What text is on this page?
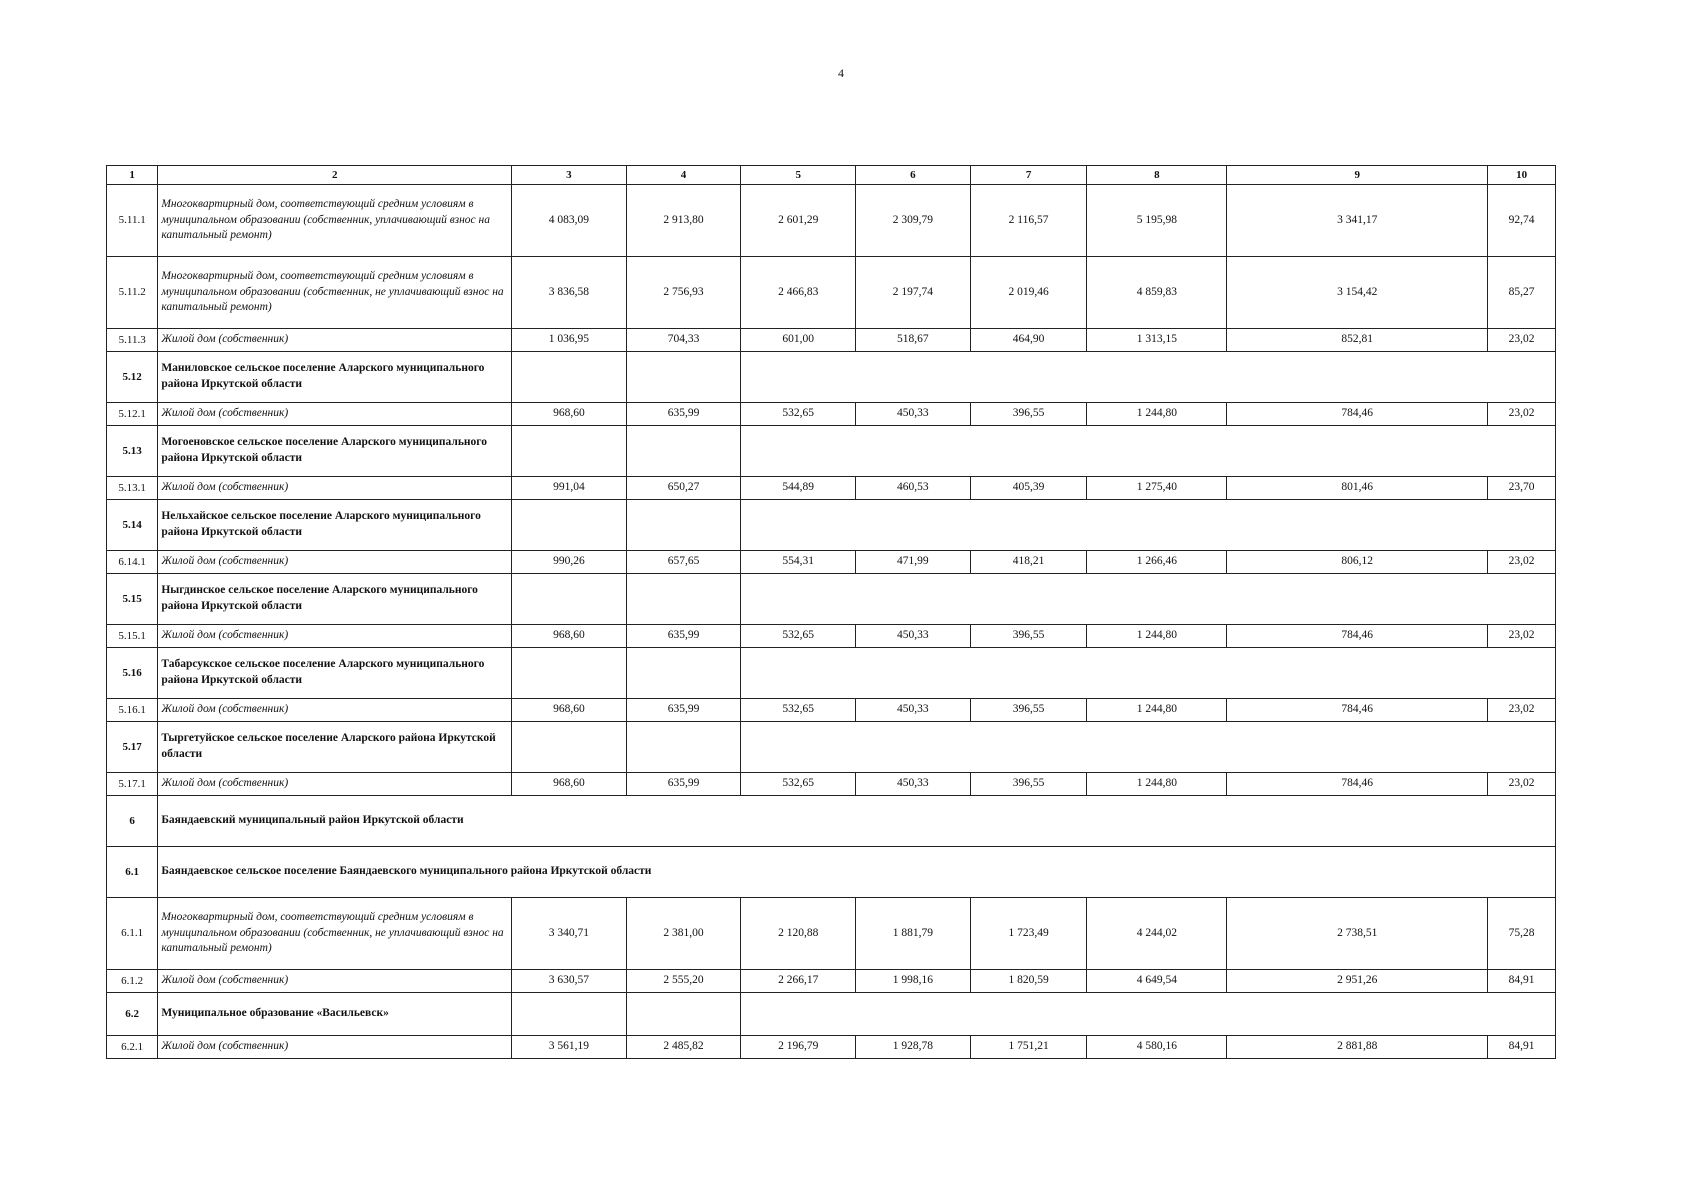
4
1	2	3	4	5	6	7	8	9	10
5.11.1	Многоквартирный дом, соответствующий средним условиям в муниципальном образовании (собственник, уплачивающий взнос на капитальный ремонт)	4 083,09	2 913,80	2 601,29	2 309,79	2 116,57	5 195,98	3 341,17	92,74
5.11.2	Многоквартирный дом, соответствующий средним условиям в муниципальном образовании (собственник, не уплачивающий взнос на капитальный ремонт)	3 836,58	2 756,93	2 466,83	2 197,74	2 019,46	4 859,83	3 154,42	85,27
5.11.3	Жилой дом (собственник)	1 036,95	704,33	601,00	518,67	464,90	1 313,15	852,81	23,02
5.12	Маниловское сельское поселение Аларского муниципального района Иркутской области								
5.12.1	Жилой дом (собственник)	968,60	635,99	532,65	450,33	396,55	1 244,80	784,46	23,02
5.13	Могоеновское сельское поселение Аларского муниципального района Иркутской области								
5.13.1	Жилой дом (собственник)	991,04	650,27	544,89	460,53	405,39	1 275,40	801,46	23,70
5.14	Нельхайское сельское поселение Аларского муниципального района Иркутской области								
6.14.1	Жилой дом (собственник)	990,26	657,65	554,31	471,99	418,21	1 266,46	806,12	23,02
5.15	Ныгдинское сельское поселение Аларского муниципального района Иркутской области								
5.15.1	Жилой дом (собственник)	968,60	635,99	532,65	450,33	396,55	1 244,80	784,46	23,02
5.16	Табарсукское сельское поселение Аларского муниципального района Иркутской области								
5.16.1	Жилой дом (собственник)	968,60	635,99	532,65	450,33	396,55	1 244,80	784,46	23,02
5.17	Тыргетуйское сельское поселение Аларского района Иркутской области								
5.17.1	Жилой дом (собственник)	968,60	635,99	532,65	450,33	396,55	1 244,80	784,46	23,02
6	Баяндаевский муниципальный район Иркутской области								
6.1	Баяндаевское сельское поселение Баяндаевского муниципального района Иркутской области								
6.1.1	Многоквартирный дом, соответствующий средним условиям в муниципальном образовании (собственник, не уплачивающий взнос на капитальный ремонт)	3 340,71	2 381,00	2 120,88	1 881,79	1 723,49	4 244,02	2 738,51	75,28
6.1.2	Жилой дом (собственник)	3 630,57	2 555,20	2 266,17	1 998,16	1 820,59	4 649,54	2 951,26	84,91
6.2	Муниципальное образование «Васильевск»								
6.2.1	Жилой дом (собственник)	3 561,19	2 485,82	2 196,79	1 928,78	1 751,21	4 580,16	2 881,88	84,91
